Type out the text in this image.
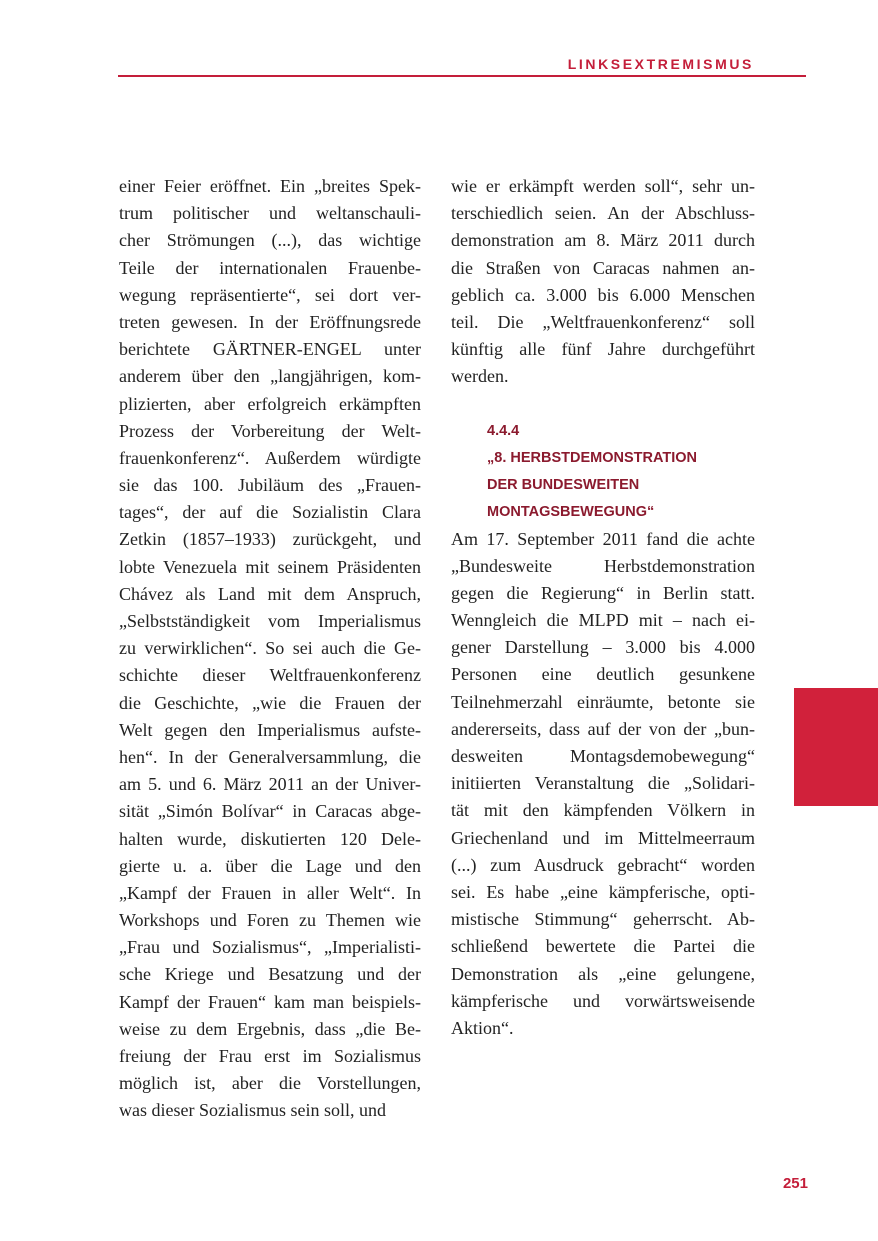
LINKSEXTREMISMUS

einer Feier eröffnet. Ein „breites Spek-
trum politischer und weltanschauli-
cher Strömungen (...), das wichtige
Teile der internationalen Frauenbe-
wegung repräsentierte“, sei dort ver-
treten gewesen. In der Eröffnungsrede
berichtete GÄRTNER-ENGEL unter
anderem über den „langjährigen, kom-
plizierten, aber erfolgreich erkämpften
Prozess der Vorbereitung der Welt-
frauenkonferenz“. Außerdem würdigte
sie das 100. Jubiläum des „Frauen-
tages“, der auf die Sozialistin Clara
Zetkin (1857–1933) zurückgeht, und
lobte Venezuela mit seinem Präsidenten
Chávez als Land mit dem Anspruch,
„Selbstständigkeit vom Imperialismus
zu verwirklichen“. So sei auch die Ge-
schichte dieser Weltfrauenkonferenz
die Geschichte, „wie die Frauen der
Welt gegen den Imperialismus aufste-
hen“. In der Generalversammlung, die
am 5. und 6. März 2011 an der Univer-
sität „Simón Bolívar“ in Caracas abge-
halten wurde, diskutierten 120 Dele-
gierte u. a. über die Lage und den
„Kampf der Frauen in aller Welt“. In
Workshops und Foren zu Themen wie
„Frau und Sozialismus“, „Imperialisti-
sche Kriege und Besatzung und der
Kampf der Frauen“ kam man beispiels-
weise zu dem Ergebnis, dass „die Be-
freiung der Frau erst im Sozialismus
möglich ist, aber die Vorstellungen,
was dieser Sozialismus sein soll, und

wie er erkämpft werden soll“, sehr un-
terschiedlich seien. An der Abschluss-
demonstration am 8. März 2011 durch
die Straßen von Caracas nahmen an-
geblich ca. 3.000 bis 6.000 Menschen
teil. Die „Weltfrauenkonferenz“ soll
künftig alle fünf Jahre durchgeführt
werden.

4.4.4
„8. HERBSTDEMONSTRATION
DER BUNDESWEITEN
MONTAGSBEWEGUNG“

Am 17. September 2011 fand die achte
„Bundesweite Herbstdemonstration
gegen die Regierung“ in Berlin statt.
Wenngleich die MLPD mit – nach ei-
gener Darstellung – 3.000 bis 4.000
Personen eine deutlich gesunkene
Teilnehmerzahl einräumte, betonte sie
andererseits, dass auf der von der „bun-
desweiten Montagsdemobewegung“
initiierten Veranstaltung die „Solidari-
tät mit den kämpfenden Völkern in
Griechenland und im Mittelmeerraum
(...) zum Ausdruck gebracht“ worden
sei. Es habe „eine kämpferische, opti-
mistische Stimmung“ geherrscht. Ab-
schließend bewertete die Partei die
Demonstration als „eine gelungene,
kämpferische und vorwärtsweisende
Aktion“.

251
